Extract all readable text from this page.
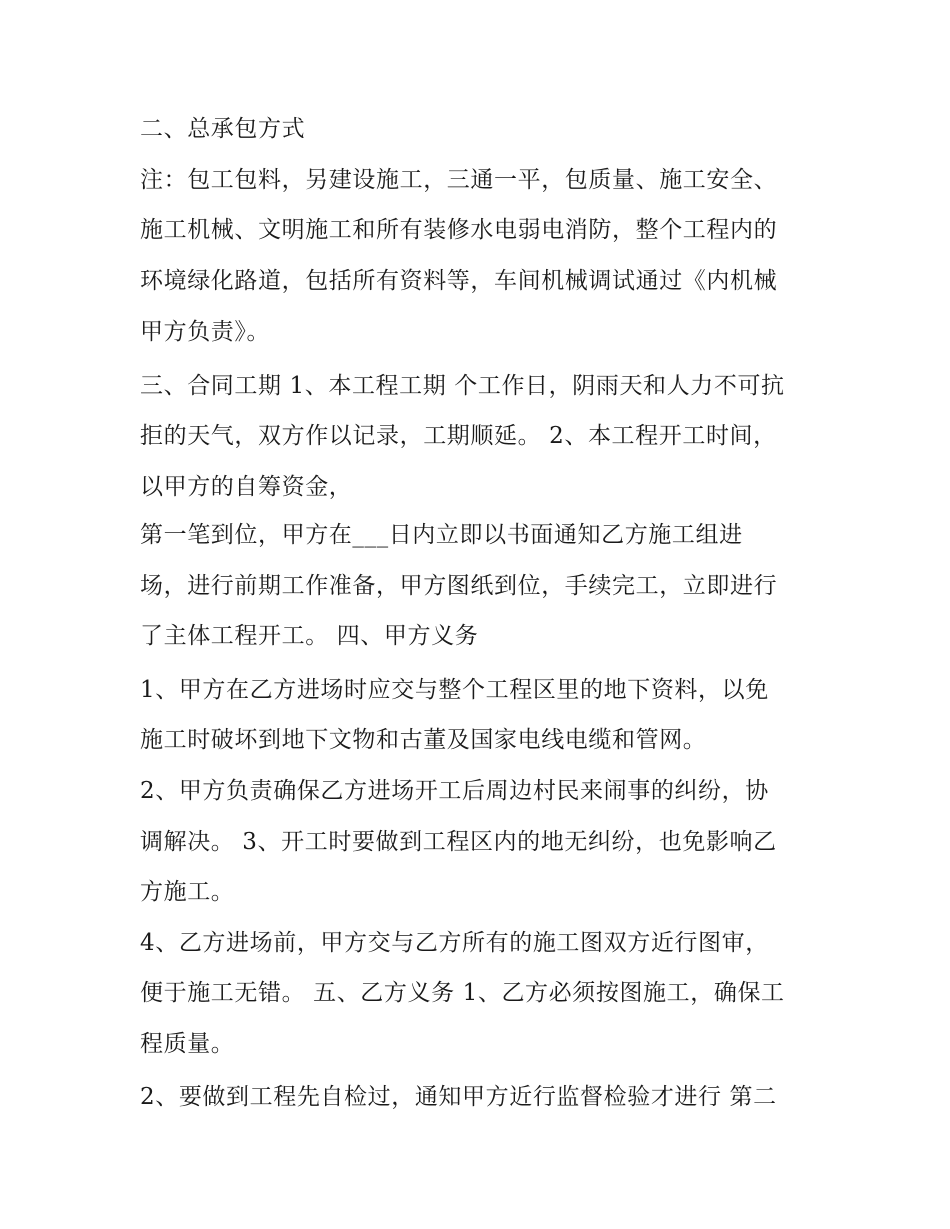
二、总承包方式
注：包工包料，另建设施工，三通一平，包质量、施工安全、
施工机械、文明施工和所有装修水电弱电消防，整个工程内的
环境绿化路道，包括所有资料等，车间机械调试通过《内机械
甲方负责》。
三、合同工期 1、本工程工期 个工作日，阴雨天和人力不可抗
拒的天气，双方作以记录，工期顺延。 2、本工程开工时间，
以甲方的自筹资金，
第一笔到位，甲方在___日内立即以书面通知乙方施工组进
场，进行前期工作准备，甲方图纸到位，手续完工，立即进行
了主体工程开工。 四、甲方义务
1、甲方在乙方进场时应交与整个工程区里的地下资料，以免
施工时破坏到地下文物和古董及国家电线电缆和管网。
2、甲方负责确保乙方进场开工后周边村民来闹事的纠纷，协
调解决。 3、开工时要做到工程区内的地无纠纷，也免影响乙
方施工。
4、乙方进场前，甲方交与乙方所有的施工图双方近行图审，
便于施工无错。 五、乙方义务 1、乙方必须按图施工，确保工
程质量。
2、要做到工程先自检过，通知甲方近行监督检验才进行 第二
